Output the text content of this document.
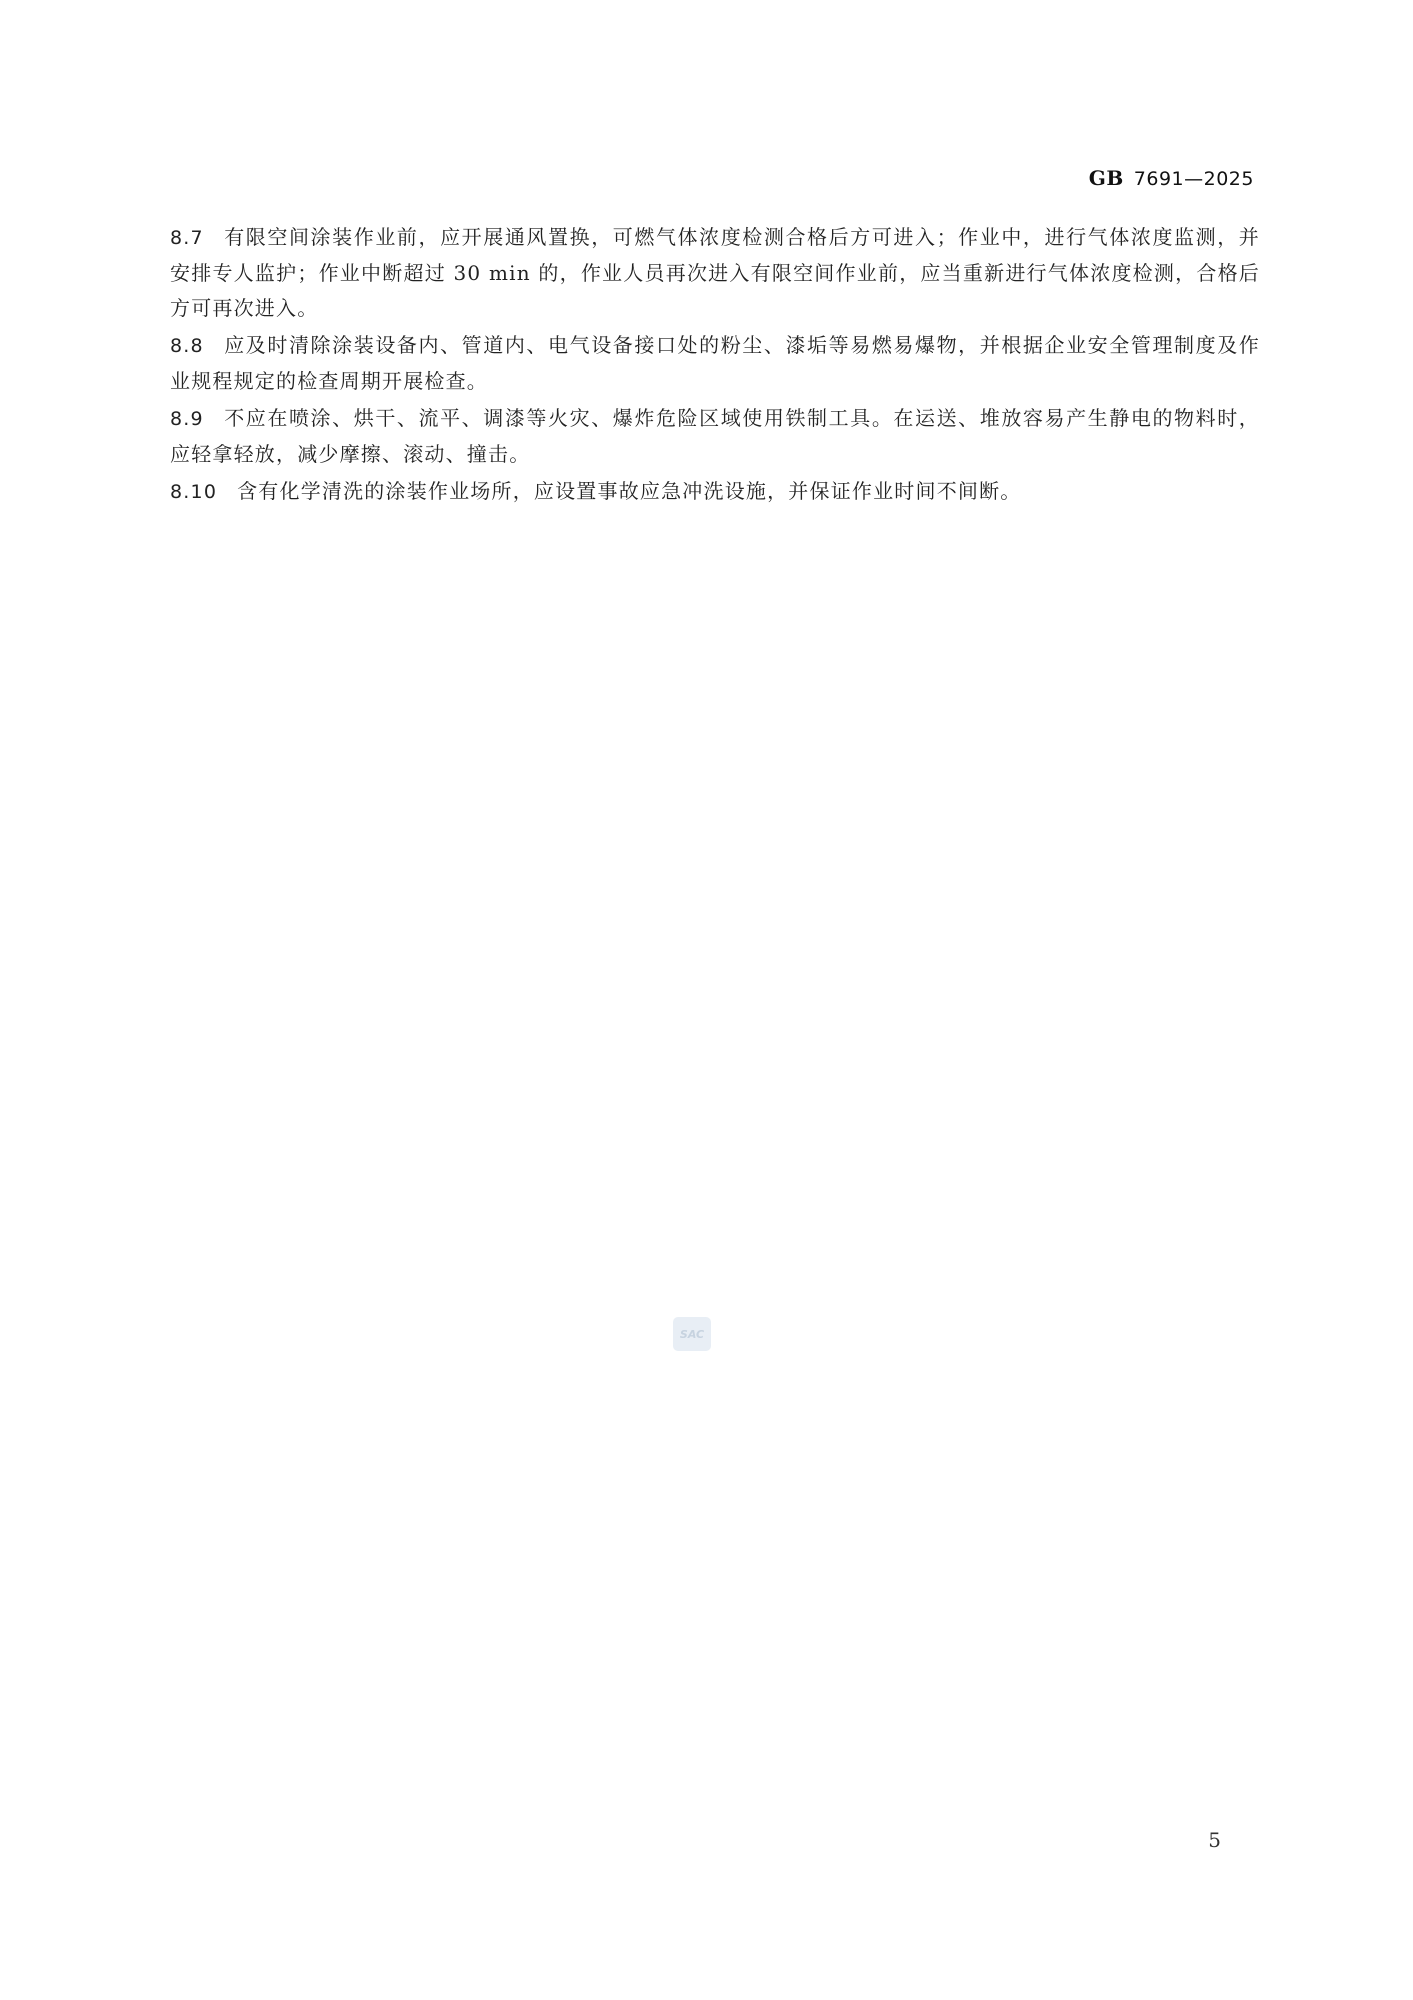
GB 7691—2025

8.7 有限空间涂装作业前，应开展通风置换，可燃气体浓度检测合格后方可进入；作业中，进行气体浓度监测，并安排专人监护；作业中断超过 30 min 的，作业人员再次进入有限空间作业前，应当重新进行气体浓度检测，合格后方可再次进入。

8.8 应及时清除涂装设备内、管道内、电气设备接口处的粉尘、漆垢等易燃易爆物，并根据企业安全管理制度及作业规程规定的检查周期开展检查。

8.9 不应在喷涂、烘干、流平、调漆等火灾、爆炸危险区域使用铁制工具。在运送、堆放容易产生静电的物料时，应轻拿轻放，减少摩擦、滚动、撞击。

8.10 含有化学清洗的涂装作业场所，应设置事故应急冲洗设施，并保证作业时间不间断。

SAC
5
